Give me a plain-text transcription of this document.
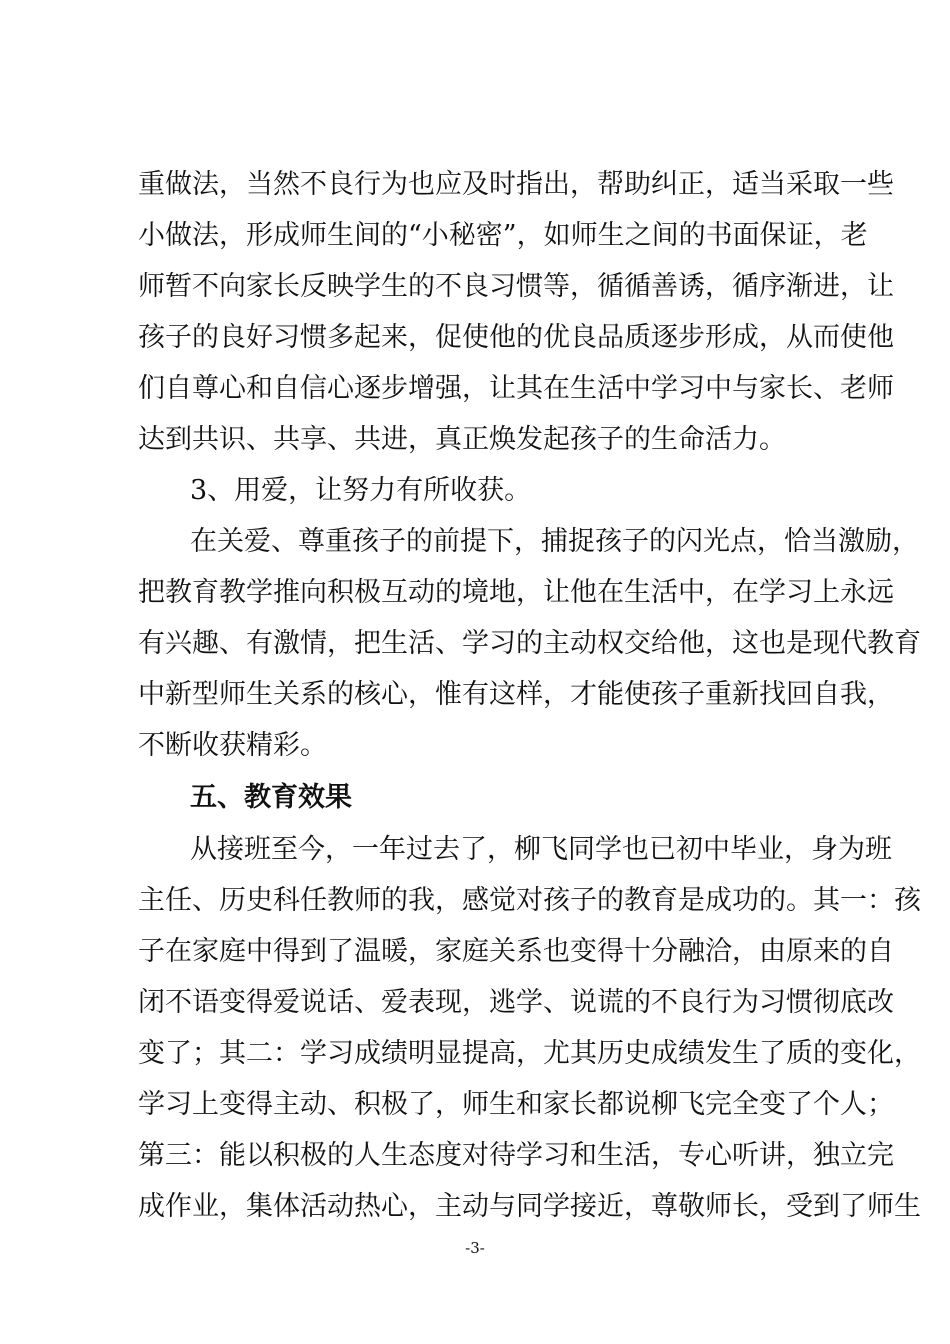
重做法，当然不良行为也应及时指出，帮助纠正，适当采取一些
小做法，形成师生间的“小秘密”，如师生之间的书面保证，老
师暂不向家长反映学生的不良习惯等，循循善诱，循序渐进，让
孩子的良好习惯多起来，促使他的优良品质逐步形成，从而使他
们自尊心和自信心逐步增强，让其在生活中学习中与家长、老师
达到共识、共享、共进，真正焕发起孩子的生命活力。
3、用爱，让努力有所收获。
在关爱、尊重孩子的前提下，捕捉孩子的闪光点，恰当激励，
把教育教学推向积极互动的境地，让他在生活中，在学习上永远
有兴趣、有激情，把生活、学习的主动权交给他，这也是现代教育
中新型师生关系的核心，惟有这样，才能使孩子重新找回自我，
不断收获精彩。
五、教育效果
从接班至今，一年过去了，柳飞同学也已初中毕业，身为班
主任、历史科任教师的我，感觉对孩子的教育是成功的。其一：孩
子在家庭中得到了温暖，家庭关系也变得十分融洽，由原来的自
闭不语变得爱说话、爱表现，逃学、说谎的不良行为习惯彻底改
变了；其二：学习成绩明显提高，尤其历史成绩发生了质的变化，
学习上变得主动、积极了，师生和家长都说柳飞完全变了个人；
第三：能以积极的人生态度对待学习和生活，专心听讲，独立完
成作业，集体活动热心，主动与同学接近，尊敬师长，受到了师生
-3-
